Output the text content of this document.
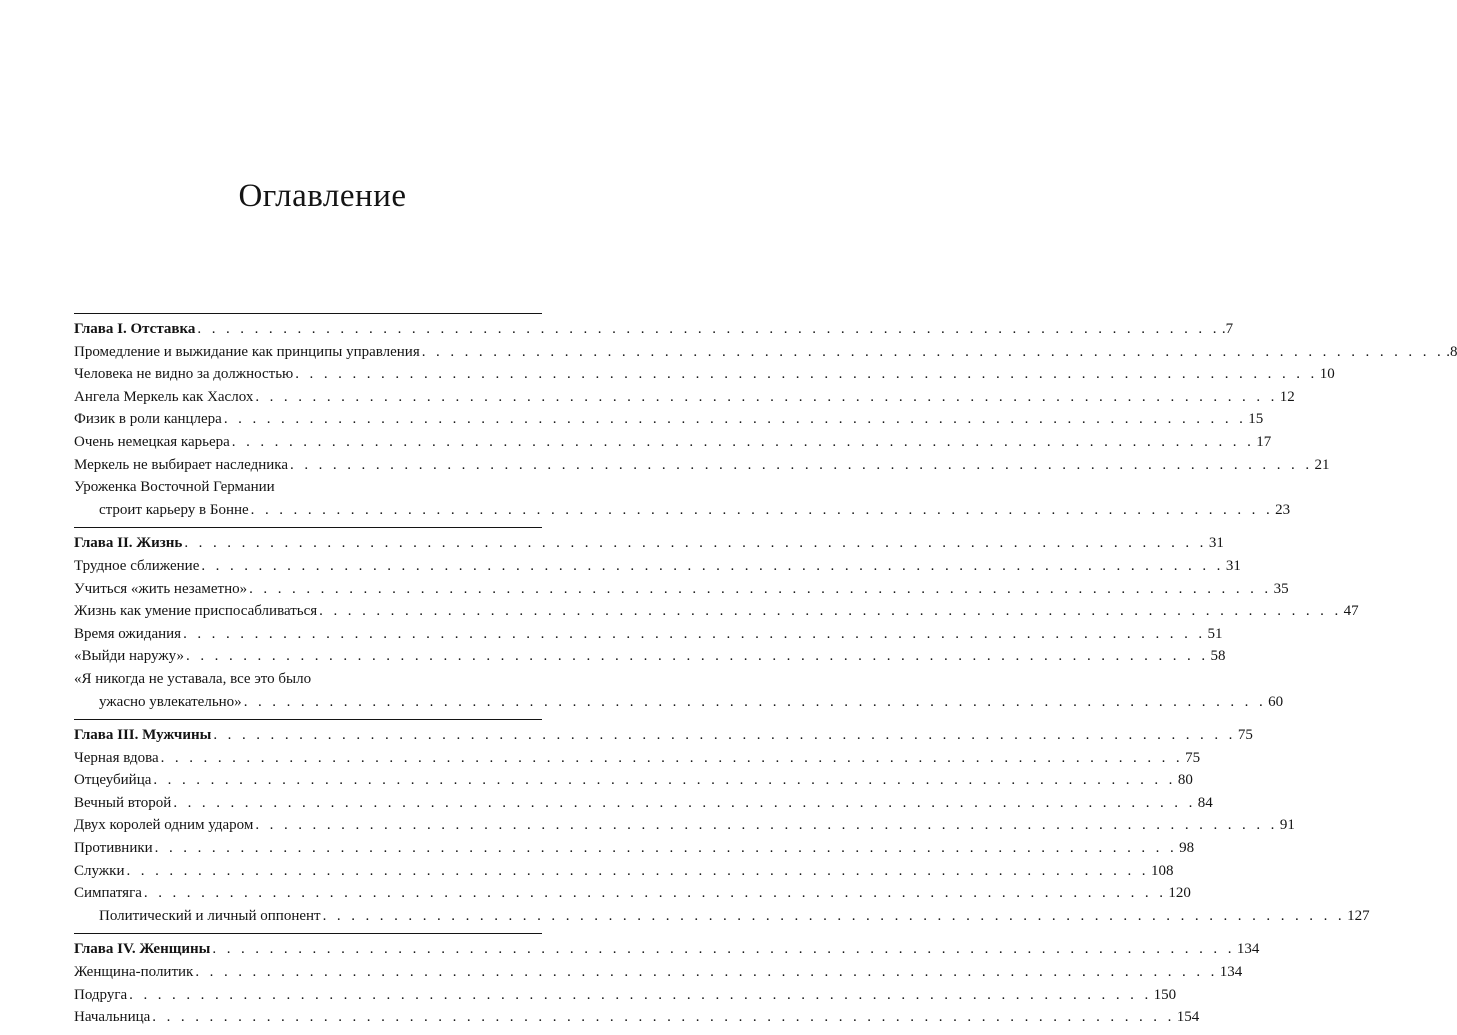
Оглавление
Глава I. Отставка . . . . . . . . . . . . . . . . . . . . . . . . . . . . . . . . . . . . . . . . . . . . . . . . . . . . . . . . . . . . . . . . . . . . . . . . .7
Промедление и выжидание как принципы управления . . . . . . . . . . . . . . . . . . . . . . . . . . . . . . . . . . . . . . . . . . . . . . . . . . . . . . . . . . . . . . . . . . . . . . . . .8
Человека не видно за должностью . . . . . . . . . . . . . . . . . . . . . . . . . . . . . . . . . . . . . . . . . . . . . . . . . . . . . . . . . . . . . . . . . . . . . . . . 10
Ангела Меркель как Хаслох . . . . . . . . . . . . . . . . . . . . . . . . . . . . . . . . . . . . . . . . . . . . . . . . . . . . . . . . . . . . . . . . . . . . . . . . 12
Физик в роли канцлера . . . . . . . . . . . . . . . . . . . . . . . . . . . . . . . . . . . . . . . . . . . . . . . . . . . . . . . . . . . . . . . . . . . . . . . . 15
Очень немецкая карьера . . . . . . . . . . . . . . . . . . . . . . . . . . . . . . . . . . . . . . . . . . . . . . . . . . . . . . . . . . . . . . . . . . . . . . . . 17
Меркель не выбирает наследника . . . . . . . . . . . . . . . . . . . . . . . . . . . . . . . . . . . . . . . . . . . . . . . . . . . . . . . . . . . . . . . . . . . . . . . . 21
Уроженка Восточной Германии
строит карьеру в Бонне . . . . . . . . . . . . . . . . . . . . . . . . . . . . . . . . . . . . . . . . . . . . . . . . . . . . . . . . . . . . . . . . . . . . . . . . 23
Глава II. Жизнь . . . . . . . . . . . . . . . . . . . . . . . . . . . . . . . . . . . . . . . . . . . . . . . . . . . . . . . . . . . . . . . . . . . . . . . . 31
Трудное сближение . . . . . . . . . . . . . . . . . . . . . . . . . . . . . . . . . . . . . . . . . . . . . . . . . . . . . . . . . . . . . . . . . . . . . . . . 31
Учиться «жить незаметно» . . . . . . . . . . . . . . . . . . . . . . . . . . . . . . . . . . . . . . . . . . . . . . . . . . . . . . . . . . . . . . . . . . . . . . . . 35
Жизнь как умение приспосабливаться . . . . . . . . . . . . . . . . . . . . . . . . . . . . . . . . . . . . . . . . . . . . . . . . . . . . . . . . . . . . . . . . . . . . . . . . 47
Время ожидания . . . . . . . . . . . . . . . . . . . . . . . . . . . . . . . . . . . . . . . . . . . . . . . . . . . . . . . . . . . . . . . . . . . . . . . . 51
«Выйди наружу» . . . . . . . . . . . . . . . . . . . . . . . . . . . . . . . . . . . . . . . . . . . . . . . . . . . . . . . . . . . . . . . . . . . . . . . . 58
«Я никогда не уставала, все это было
ужасно увлекательно» . . . . . . . . . . . . . . . . . . . . . . . . . . . . . . . . . . . . . . . . . . . . . . . . . . . . . . . . . . . . . . . . . . . . . . . . 60
Глава III. Мужчины . . . . . . . . . . . . . . . . . . . . . . . . . . . . . . . . . . . . . . . . . . . . . . . . . . . . . . . . . . . . . . . . . . . . . . . . 75
Черная вдова . . . . . . . . . . . . . . . . . . . . . . . . . . . . . . . . . . . . . . . . . . . . . . . . . . . . . . . . . . . . . . . . . . . . . . . . 75
Отцеубийца . . . . . . . . . . . . . . . . . . . . . . . . . . . . . . . . . . . . . . . . . . . . . . . . . . . . . . . . . . . . . . . . . . . . . . . . 80
Вечный второй . . . . . . . . . . . . . . . . . . . . . . . . . . . . . . . . . . . . . . . . . . . . . . . . . . . . . . . . . . . . . . . . . . . . . . . . 84
Двух королей одним ударом . . . . . . . . . . . . . . . . . . . . . . . . . . . . . . . . . . . . . . . . . . . . . . . . . . . . . . . . . . . . . . . . . . . . . . . . 91
Противники . . . . . . . . . . . . . . . . . . . . . . . . . . . . . . . . . . . . . . . . . . . . . . . . . . . . . . . . . . . . . . . . . . . . . . . . 98
Служки . . . . . . . . . . . . . . . . . . . . . . . . . . . . . . . . . . . . . . . . . . . . . . . . . . . . . . . . . . . . . . . . . . . . . . . . 108
Симпатяга . . . . . . . . . . . . . . . . . . . . . . . . . . . . . . . . . . . . . . . . . . . . . . . . . . . . . . . . . . . . . . . . . . . . . . . . 120
Политический и личный оппонент . . . . . . . . . . . . . . . . . . . . . . . . . . . . . . . . . . . . . . . . . . . . . . . . . . . . . . . . . . . . . . . . . . . . . . . . 127
Глава IV. Женщины . . . . . . . . . . . . . . . . . . . . . . . . . . . . . . . . . . . . . . . . . . . . . . . . . . . . . . . . . . . . . . . . . . . . . . . . 134
Женщина-политик . . . . . . . . . . . . . . . . . . . . . . . . . . . . . . . . . . . . . . . . . . . . . . . . . . . . . . . . . . . . . . . . . . . . . . . . 134
Подруга . . . . . . . . . . . . . . . . . . . . . . . . . . . . . . . . . . . . . . . . . . . . . . . . . . . . . . . . . . . . . . . . . . . . . . . . 150
Начальница . . . . . . . . . . . . . . . . . . . . . . . . . . . . . . . . . . . . . . . . . . . . . . . . . . . . . . . . . . . . . . . . . . . . . . . . 154
